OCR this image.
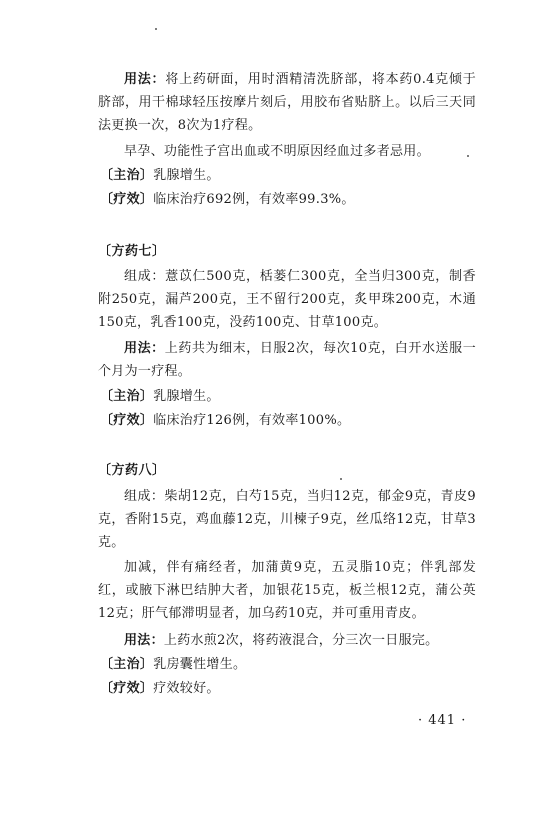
用法：将上药研面，用时酒精清洗脐部，将本药0.4克倾于脐部，用干棉球轻压按摩片刻后，用胶布省贴脐上。以后三天同法更换一次，8次为1疗程。

早孕、功能性子宫出血或不明原因经血过多者忌用。

〔主治〕乳腺增生。

〔疗效〕临床治疗692例，有效率99.3%。

〔方药七〕

组成：薏苡仁500克，栝蒌仁300克，全当归300克，制香附250克，漏芦200克，王不留行200克，炙甲珠200克，木通150克，乳香100克，没药100克、甘草100克。

用法：上药共为细末，日服2次，每次10克，白开水送服一个月为一疗程。

〔主治〕乳腺增生。

〔疗效〕临床治疗126例，有效率100%。

〔方药八〕

组成：柴胡12克，白芍15克，当归12克，郁金9克，青皮9克，香附15克，鸡血藤12克，川楝子9克，丝瓜络12克，甘草3克。

加减，伴有痛经者，加蒲黄9克，五灵脂10克；伴乳部发红，或腋下淋巴结肿大者，加银花15克，板兰根12克，蒲公英12克；肝气郁滞明显者，加乌药10克，并可重用青皮。

用法：上药水煎2次，将药液混合，分三次一日服完。

〔主治〕乳房囊性增生。

〔疗效〕疗效较好。

· 441 ·
